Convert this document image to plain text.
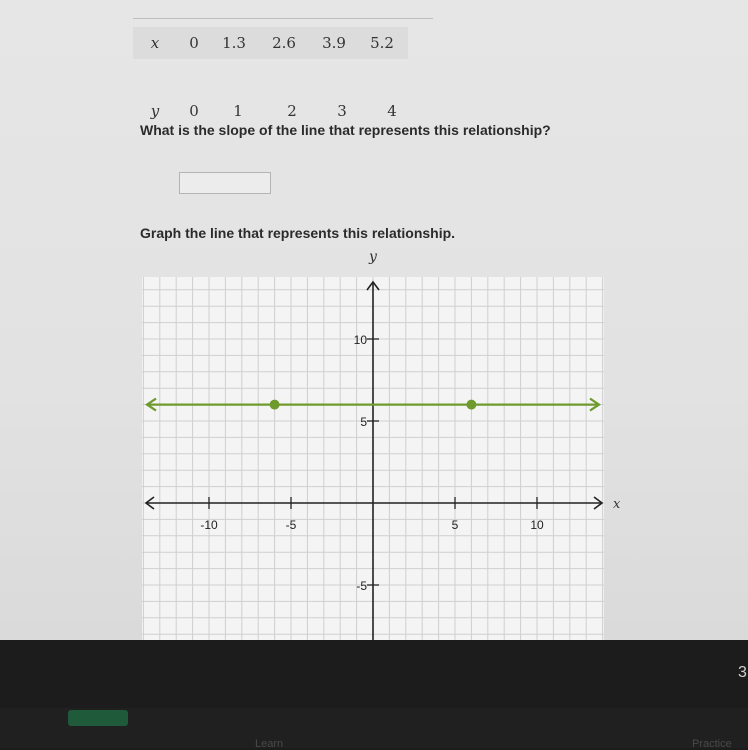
x 0 1.3 2.6 3.9 5.2
y 0 1	2	3	4
What is the slope of the line that represents this relationship?
Graph the line that represents this relationship.
x
y
-10	-5	5	10
10
5
-5
Learn	Practice
3
